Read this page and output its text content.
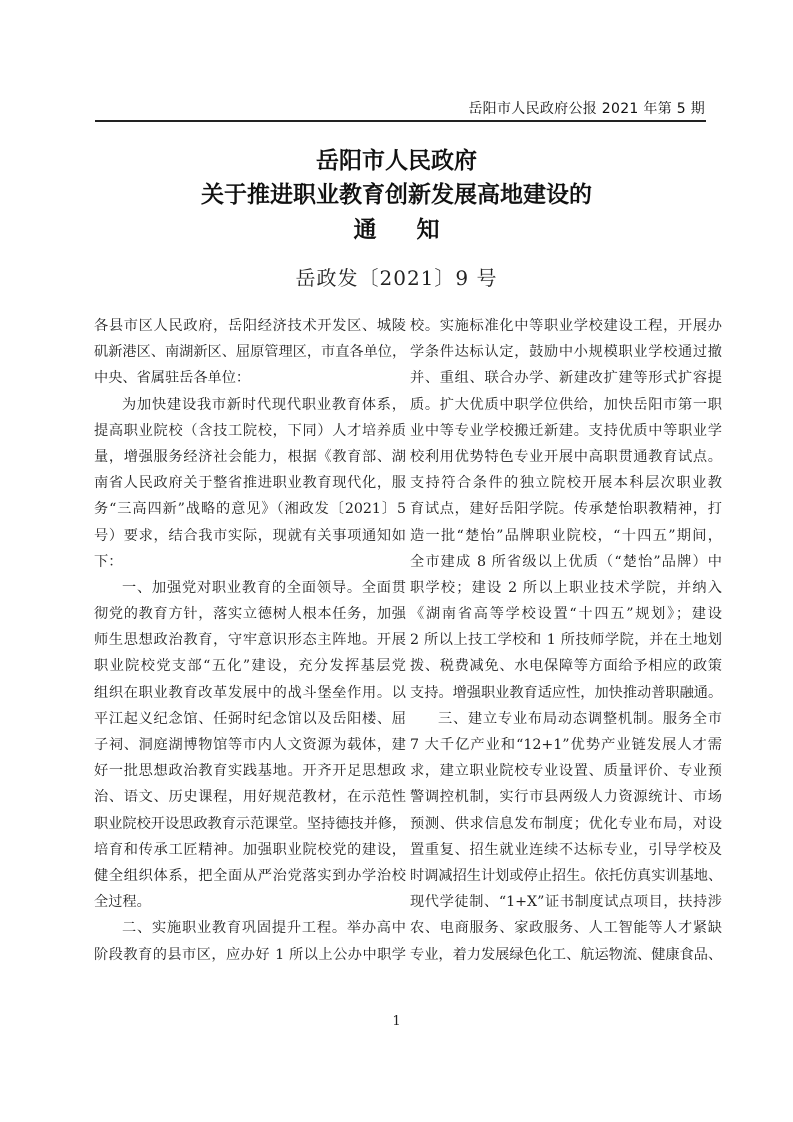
岳阳市人民政府公报 2021 年第 5 期
岳阳市人民政府
关于推进职业教育创新发展高地建设的
通知
岳政发〔2021〕9 号
各县市区人民政府，岳阳经济技术开发区、城陵
矶新港区、南湖新区、屈原管理区，市直各单位，
中央、省属驻岳各单位：
为加快建设我市新时代现代职业教育体系，
提高职业院校（含技工院校，下同）人才培养质
量，增强服务经济社会能力，根据《教育部、湖
南省人民政府关于整省推进职业教育现代化，服
务“三高四新”战略的意见》（湘政发〔2021〕5
号）要求，结合我市实际，现就有关事项通知如
下：
一、加强党对职业教育的全面领导。全面贯
彻党的教育方针，落实立德树人根本任务，加强
师生思想政治教育，守牢意识形态主阵地。开展
职业院校党支部“五化”建设，充分发挥基层党
组织在职业教育改革发展中的战斗堡垒作用。以
平江起义纪念馆、任弼时纪念馆以及岳阳楼、屈
子祠、洞庭湖博物馆等市内人文资源为载体，建
好一批思想政治教育实践基地。开齐开足思想政
治、语文、历史课程，用好规范教材，在示范性
职业院校开设思政教育示范课堂。坚持德技并修，
培育和传承工匠精神。加强职业院校党的建设，
健全组织体系，把全面从严治党落实到办学治校
全过程。
二、实施职业教育巩固提升工程。举办高中
阶段教育的县市区，应办好 1 所以上公办中职学
校。实施标准化中等职业学校建设工程，开展办
学条件达标认定，鼓励中小规模职业学校通过撤
并、重组、联合办学、新建改扩建等形式扩容提
质。扩大优质中职学位供给，加快岳阳市第一职
业中等专业学校搬迁新建。支持优质中等职业学
校利用优势特色专业开展中高职贯通教育试点。
支持符合条件的独立院校开展本科层次职业教
育试点，建好岳阳学院。传承楚怡职教精神，打
造一批“楚怡”品牌职业院校，“十四五”期间，
全市建成 8 所省级以上优质（“楚怡”品牌）中
职学校；建设 2 所以上职业技术学院，并纳入
《湖南省高等学校设置“十四五”规划》；建设
2 所以上技工学校和 1 所技师学院，并在土地划
拨、税费减免、水电保障等方面给予相应的政策
支持。增强职业教育适应性，加快推动普职融通。
三、建立专业布局动态调整机制。服务全市
7 大千亿产业和“12+1”优势产业链发展人才需
求，建立职业院校专业设置、质量评价、专业预
警调控机制，实行市县两级人力资源统计、市场
预测、供求信息发布制度；优化专业布局，对设
置重复、招生就业连续不达标专业，引导学校及
时调减招生计划或停止招生。依托仿真实训基地、
现代学徒制、“1+X”证书制度试点项目，扶持涉
农、电商服务、家政服务、人工智能等人才紧缺
专业，着力发展绿色化工、航运物流、健康食品、
1
